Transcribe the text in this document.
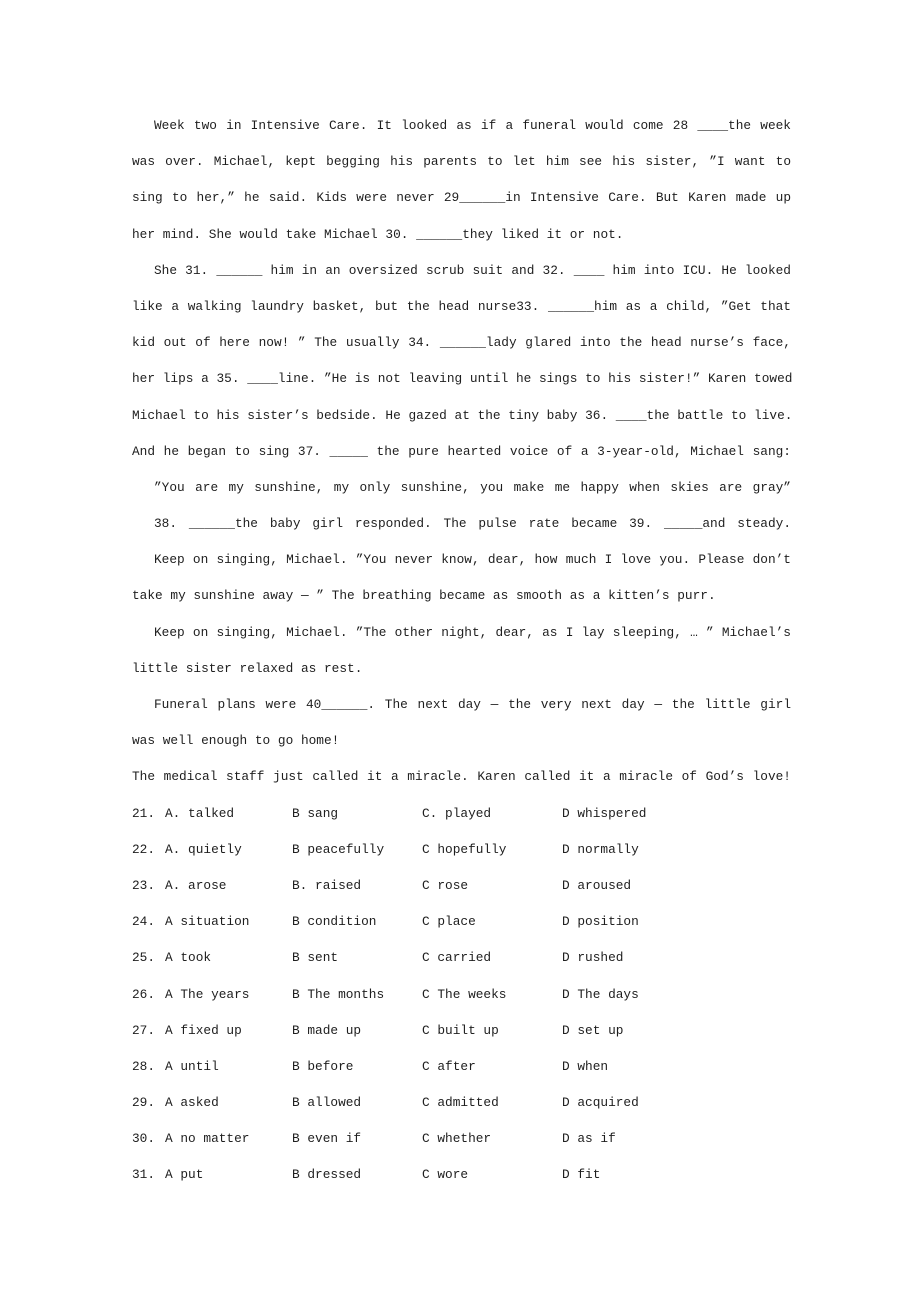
Week two in Intensive Care. It looked as if a funeral would come 28 ____the week
was over. Michael, kept begging his parents to let him see his sister, ”I want to
sing to her,” he said. Kids were never 29______in Intensive Care. But Karen made up
her mind. She would take Michael 30. ______they liked it or not.
She 31. ______ him in an oversized scrub suit and 32. ____ him into ICU. He looked
like a walking laundry basket, but the head nurse33. ______him as a child, ”Get that
kid out of here now! ” The usually 34. ______lady glared into the head nurse’s face,
her lips a 35. ____line. ”He is not leaving until he sings to his sister!” Karen towed
Michael to his sister’s bedside. He gazed at the tiny baby 36. ____the battle to live.
And he began to sing 37. _____ the pure hearted voice of a 3-year-old, Michael sang:
”You are my sunshine, my only sunshine, you make me happy when skies are gray”
38. ______the baby girl responded. The pulse rate became 39. _____and steady.
Keep on singing, Michael. ”You never know, dear, how much I love you. Please don’t
take my sunshine away — ” The breathing became as smooth as a kitten’s purr.
Keep on singing, Michael. ”The other night, dear, as I lay sleeping, … ” Michael’s
little sister relaxed as rest.
Funeral plans were 40______. The next day — the very next day — the little girl
was well enough to go home!
The medical staff just called it a miracle. Karen called it a miracle of God’s love!
21. A. talked	B sang	C. played	D whispered
22. A. quietly	B peacefully	C hopefully	D normally
23. A. arose	B. raised	C rose	D aroused
24. A situation	B condition	C place	D position
25. A took	B sent	C carried	D rushed
26. A The years	B The months	C The weeks	D The days
27. A fixed up	B made up	C built up	D set up
28. A until	B before	C after	D when
29. A asked	B allowed	C admitted	D acquired
30. A no matter	B even if	C whether	D as if
31. A put	B dressed	C wore	D fit
